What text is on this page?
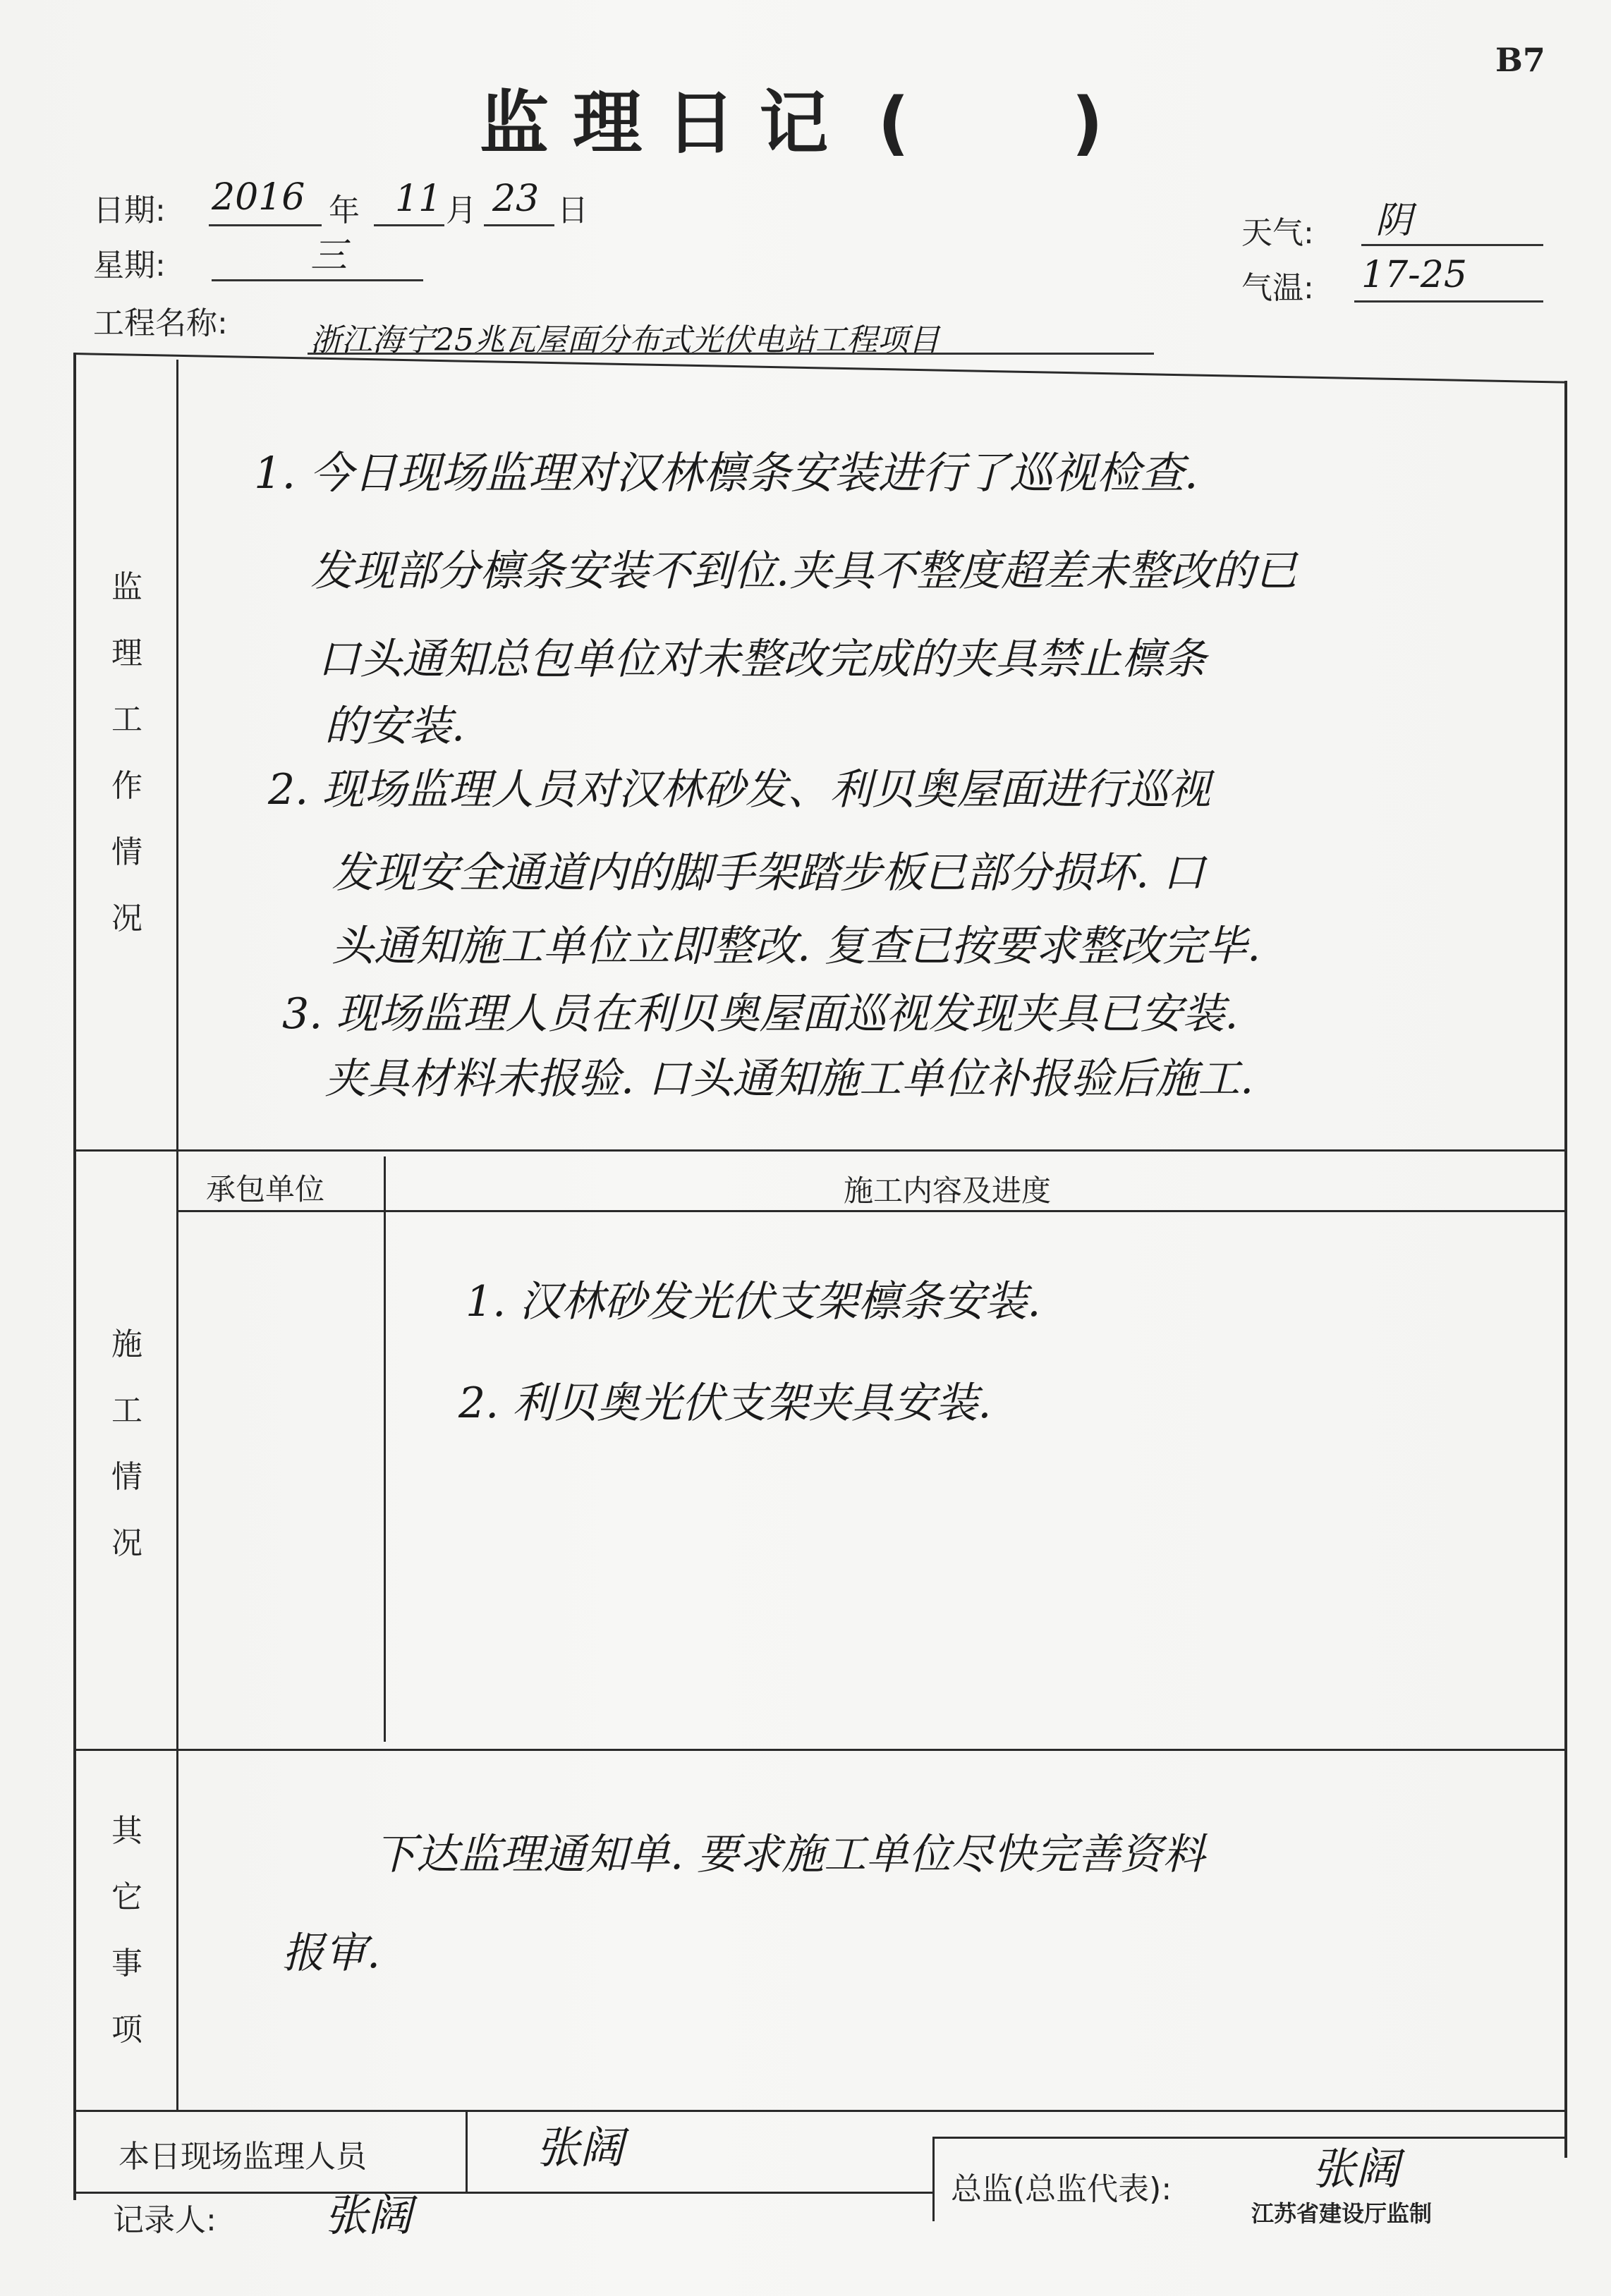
B7
监 理 日 记 ( )
日期: 2016 年 11 月 23 日
星期:	三
天气: 阴
气温: 17-25
工程名称:	浙江海宁25兆瓦屋面分布式光伏电站工程项目
监
理
工
作
情
况
1. 今日现场监理对汉林檩条安装进行了巡视检查.
发现部分檩条安装不到位.夹具不整度超差未整改的已
口头通知总包单位对未整改完成的夹具禁止檩条
的安装.
2. 现场监理人员对汉林砂发、利贝奥屋面进行巡视
发现安全通道内的脚手架踏步板已部分损坏. 口
头通知施工单位立即整改. 复查已按要求整改完毕.
3. 现场监理人员在利贝奥屋面巡视发现夹具已安装.
夹具材料未报验. 口头通知施工单位补报验后施工.
施
工
情
况
承包单位	施工内容及进度
1. 汉林砂发光伏支架檩条安装.
2. 利贝奥光伏支架夹具安装.
其
它
事
项
下达监理通知单. 要求施工单位尽快完善资料
报审.
本日现场监理人员	张阔
总监(总监代表):	张阔
记录人: 张阔	江苏省建设厅监制
